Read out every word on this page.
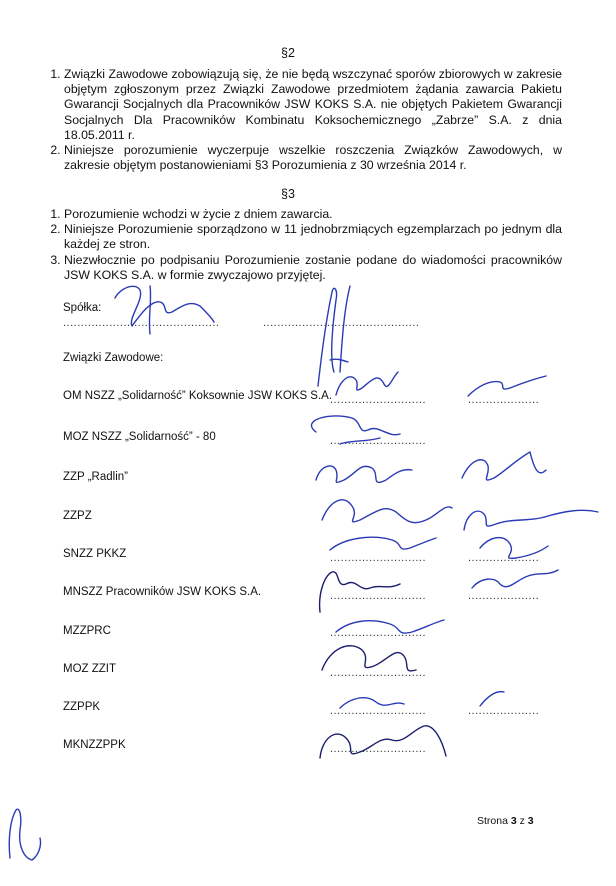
§2
1. Związki Zawodowe zobowiązują się, że nie będą wszczynać sporów zbiorowych w zakresie objętym zgłoszonym przez Związki Zawodowe przedmiotem żądania zawarcia Pakietu Gwarancji Socjalnych dla Pracowników JSW KOKS S.A. nie objętych Pakietem Gwarancji Socjalnych Dla Pracowników Kombinatu Koksochemicznego „Zabrze” S.A. z dnia 18.05.2011 r.
2. Niniejsze porozumienie wyczerpuje wszelkie roszczenia Związków Zawodowych, w zakresie objętym postanowieniami §3 Porozumienia z 30 września 2014 r.
§3
1. Porozumienie wchodzi w życie z dniem zawarcia.
2. Niniejsze Porozumienie sporządzono w 11 jednobrzmiących egzemplarzach po jednym dla każdej ze stron.
3. Niezwłocznie po podpisaniu Porozumienie zostanie podane do wiadomości pracowników JSW KOKS S.A. w formie zwyczajowo przyjętej.
Spółka:
.....
.....
Związki Zawodowe:
OM NSZZ „Solidarność” Koksownie JSW KOKS S.A.
.....
.....
MOZ NSZZ „Solidarność” - 80
.....
ZZP „Radlin”
ZZPZ
SNZZ PKKZ
.....
.....
MNSZZ Pracowników JSW KOKS S.A.
.....
.....
MZZPRC
.....
MOZ ZZIT
.....
ZZPPK
.....
.....
MKNZZPPK
.....
Strona 3 z 3
